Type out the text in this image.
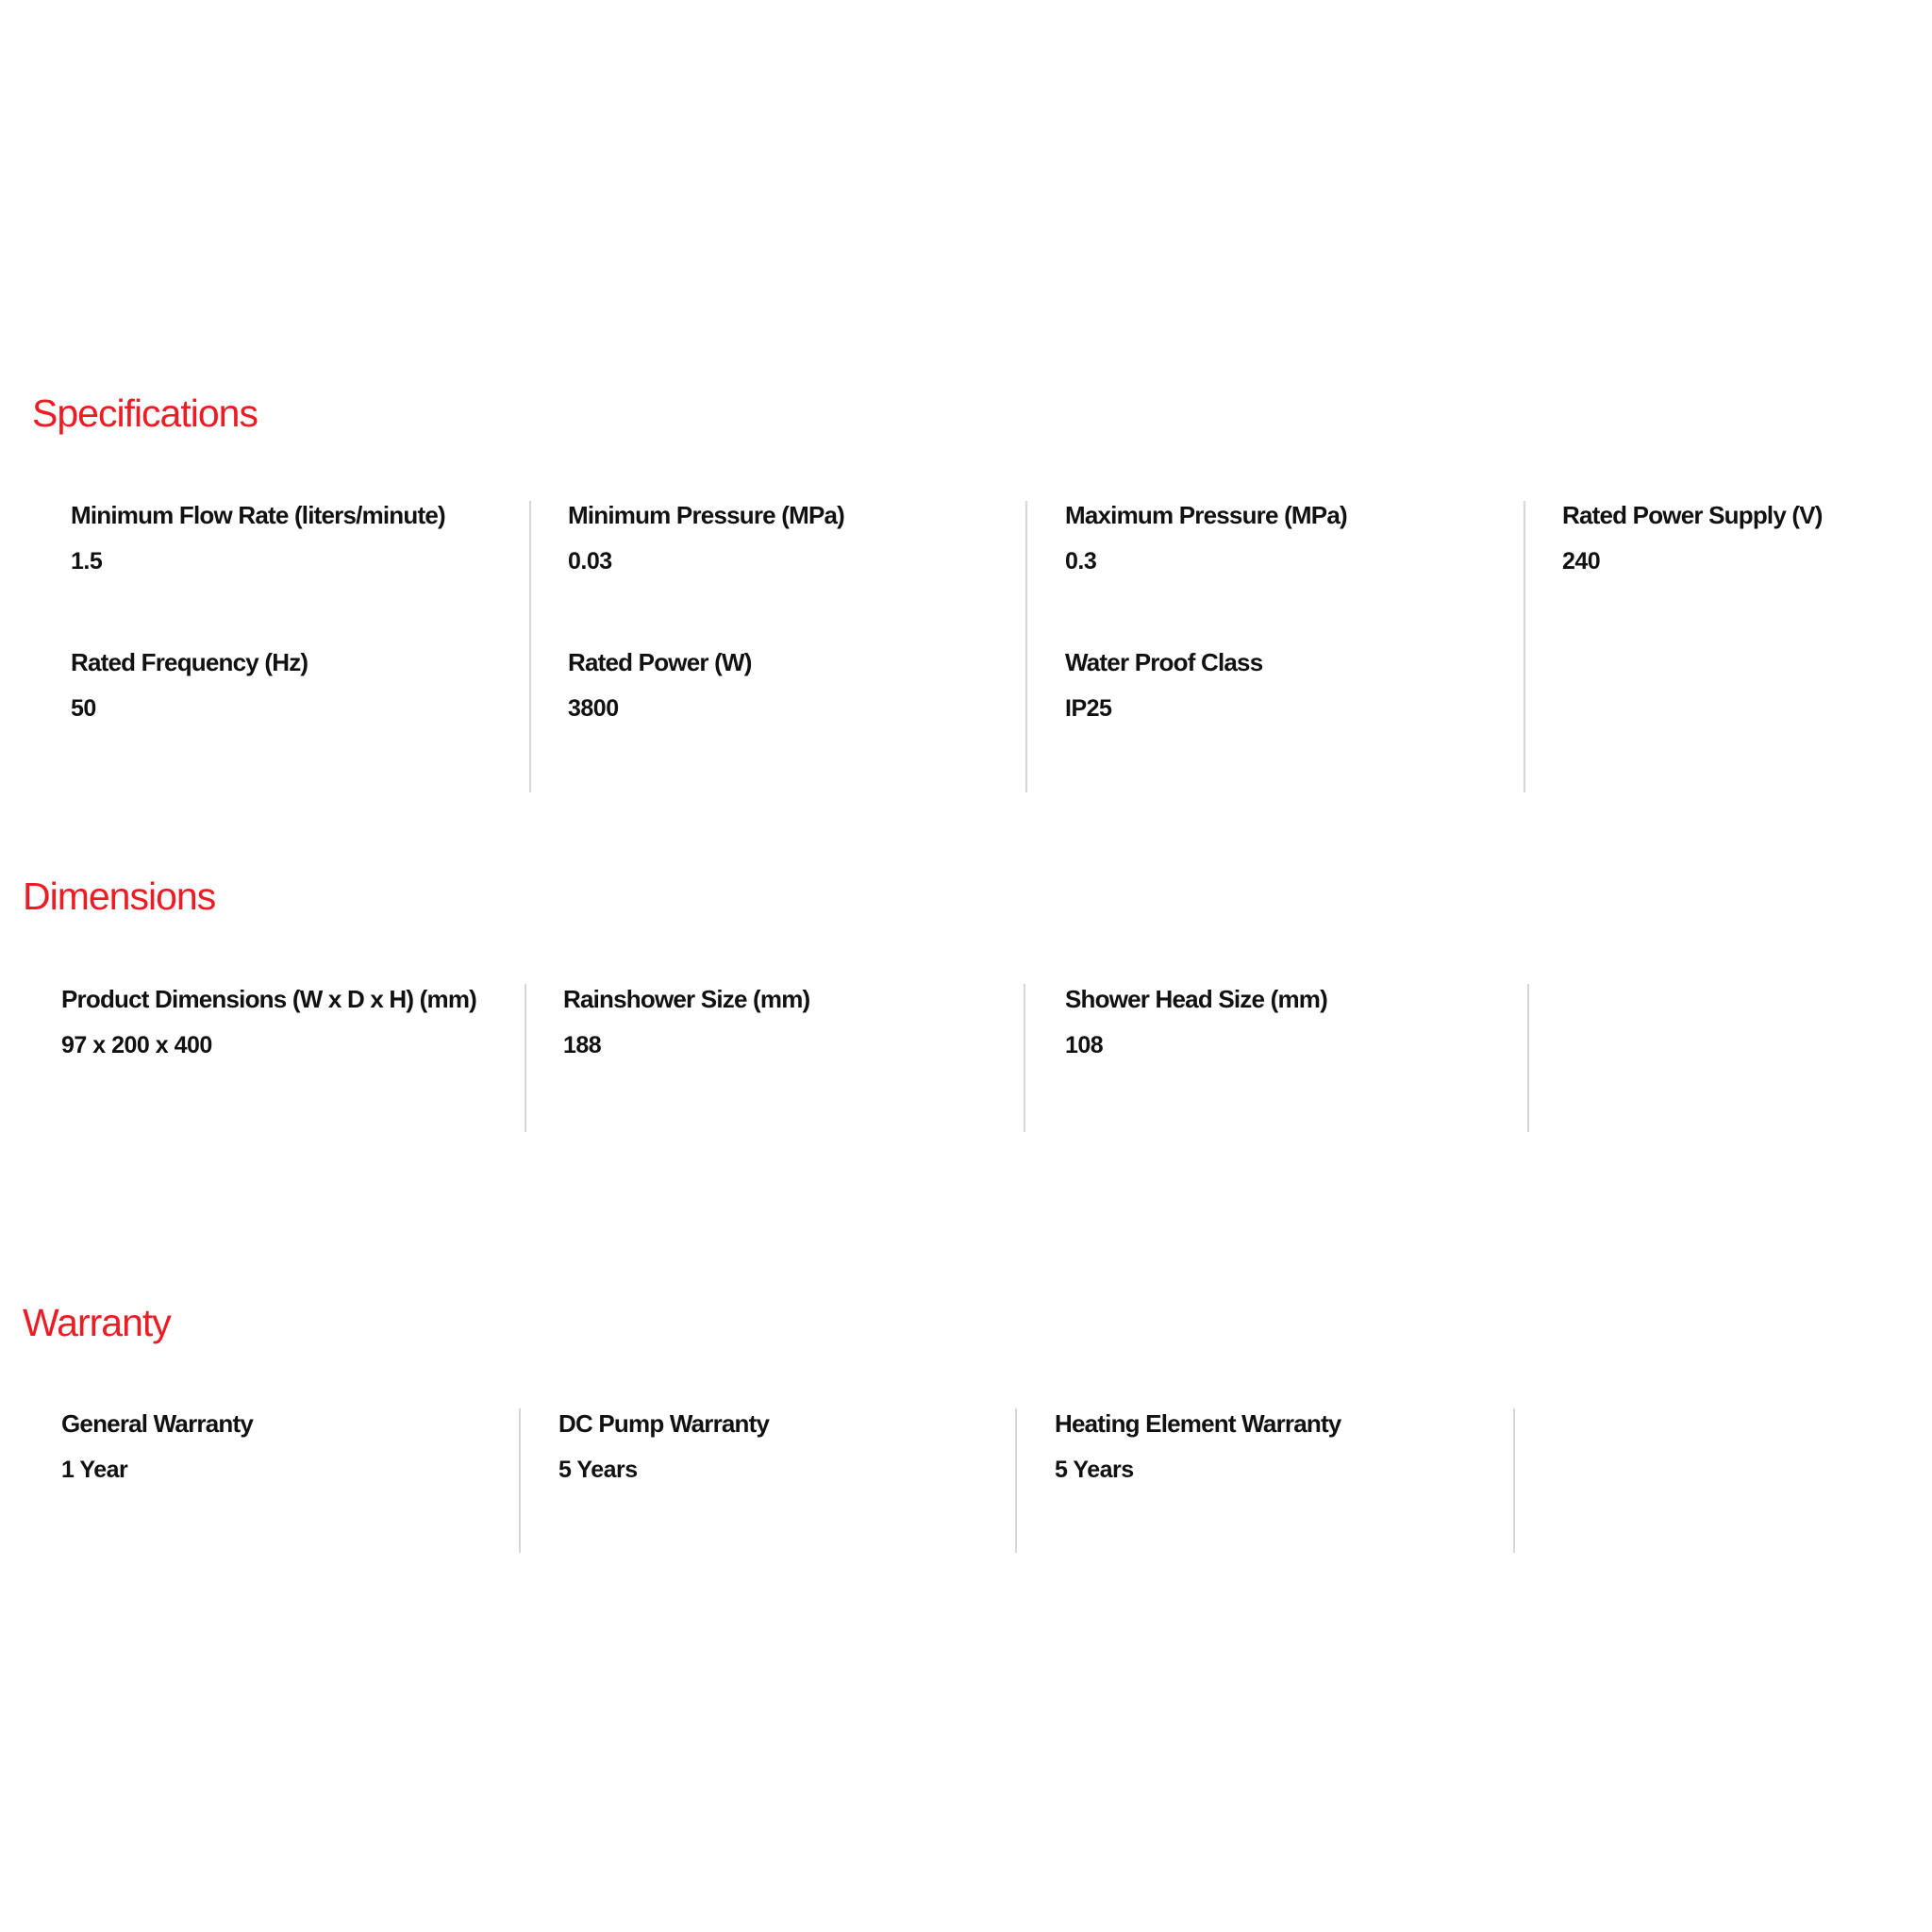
Specifications
Minimum Flow Rate (liters/minute)
1.5
Minimum Pressure (MPa)
0.03
Maximum Pressure (MPa)
0.3
Rated Power Supply (V)
240
Rated Frequency (Hz)
50
Rated Power (W)
3800
Water Proof Class
IP25
Dimensions
Product Dimensions (W x D x H) (mm)
97 x 200 x 400
Rainshower Size (mm)
188
Shower Head Size (mm)
108
Warranty
General Warranty
1 Year
DC Pump Warranty
5 Years
Heating Element Warranty
5 Years
